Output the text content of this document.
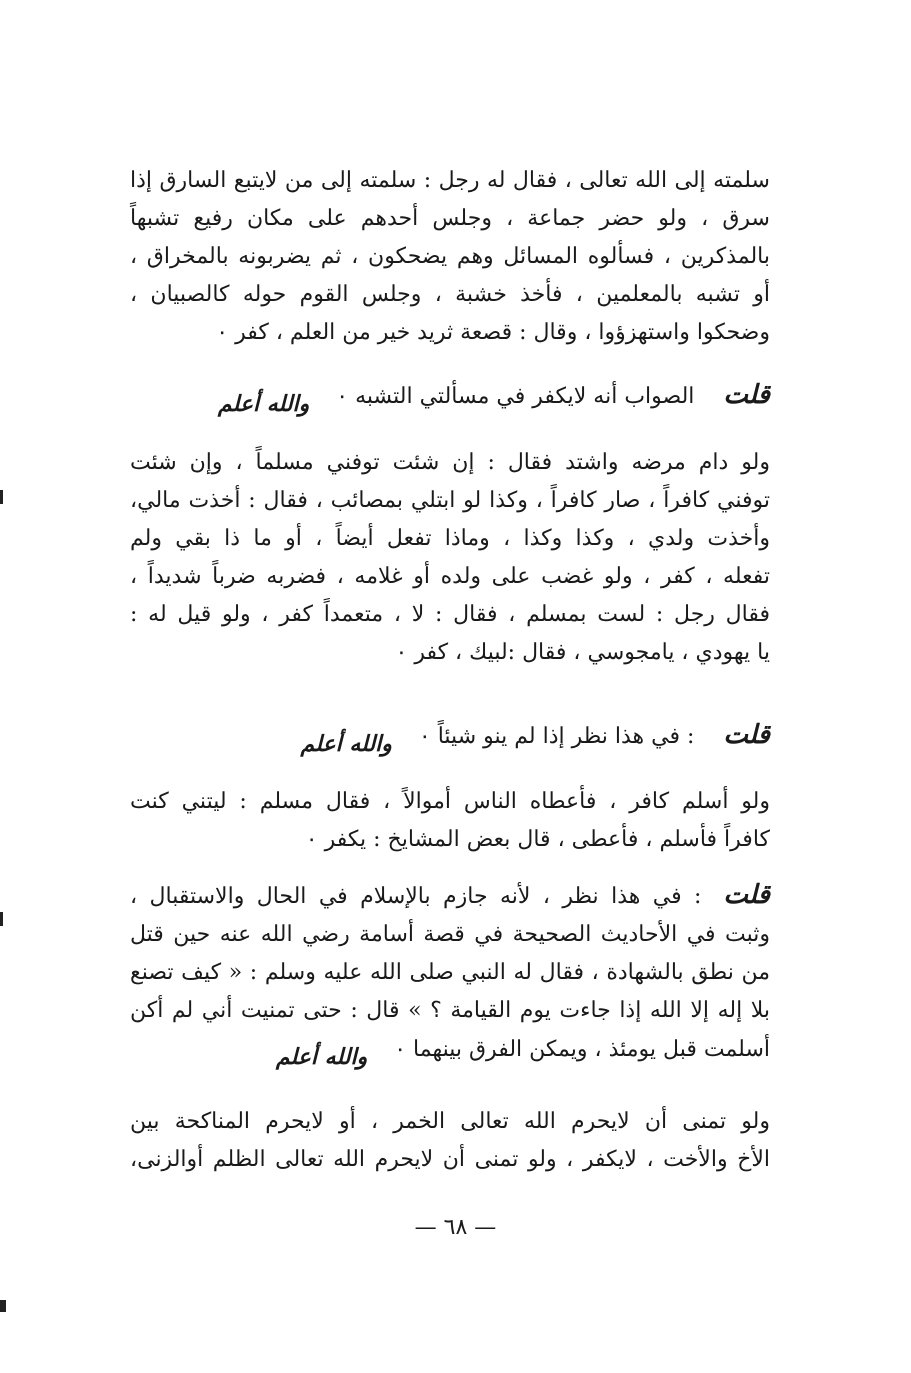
سلمته إلى الله تعالى ، فقال له رجل : سلمته إلى من لايتبع السارق إذا
سرق ، ولو حضر جماعة ، وجلس أحدهم على مكان رفيع تشبهاً
بالمذكرين ، فسألوه المسائل وهم يضحكون ، ثم يضربونه بالمخراق ،
أو تشبه بالمعلمين ، فأخذ خشبة ، وجلس القوم حوله كالصبيان ،
وضحكوا واستهزؤوا ، وقال : قصعة ثريد خير من العلم ، كفر ٠
قلت الصواب أنه لايكفر في مسألتي التشبه ٠ والله أعلم
ولو دام مرضه واشتد فقال : إن شئت توفني مسلماً ، وإن شئت
توفني كافراً ، صار كافراً ، وكذا لو ابتلي بمصائب ، فقال : أخذت مالي،
وأخذت ولدي ، وكذا وكذا ، وماذا تفعل أيضاً ، أو ما ذا بقي ولم
تفعله ، كفر ، ولو غضب على ولده أو غلامه ، فضربه ضرباً شديداً ،
فقال رجل : لست بمسلم ، فقال : لا ، متعمداً كفر ، ولو قيل له :
يا يهودي ، يامجوسي ، فقال :لبيك ، كفر ٠
قلت : في هذا نظر إذا لم ينو شيئاً ٠ والله أعلم
ولو أسلم كافر ، فأعطاه الناس أموالاً ، فقال مسلم : ليتني كنت
كافراً فأسلم ، فأعطى ، قال بعض المشايخ : يكفر ٠
قلت: في هذا نظر ، لأنه جازم بالإسلام في الحال والاستقبال ،
وثبت في الأحاديث الصحيحة في قصة أسامة رضي الله عنه حين قتل
من نطق بالشهادة ، فقال له النبي صلى الله عليه وسلم : « كيف تصنع
بلا إله إلا الله إذا جاءت يوم القيامة ؟ » قال : حتى تمنيت أني لم أكن
أسلمت قبل يومئذ ، ويمكن الفرق بينهما ٠ والله أعلم
ولو تمنى أن لايحرم الله تعالى الخمر ، أو لايحرم المناكحة بين
الأخ والأخت ، لايكفر ، ولو تمنى أن لايحرم الله تعالى الظلم أوالزنى،
— ٦٨ —
